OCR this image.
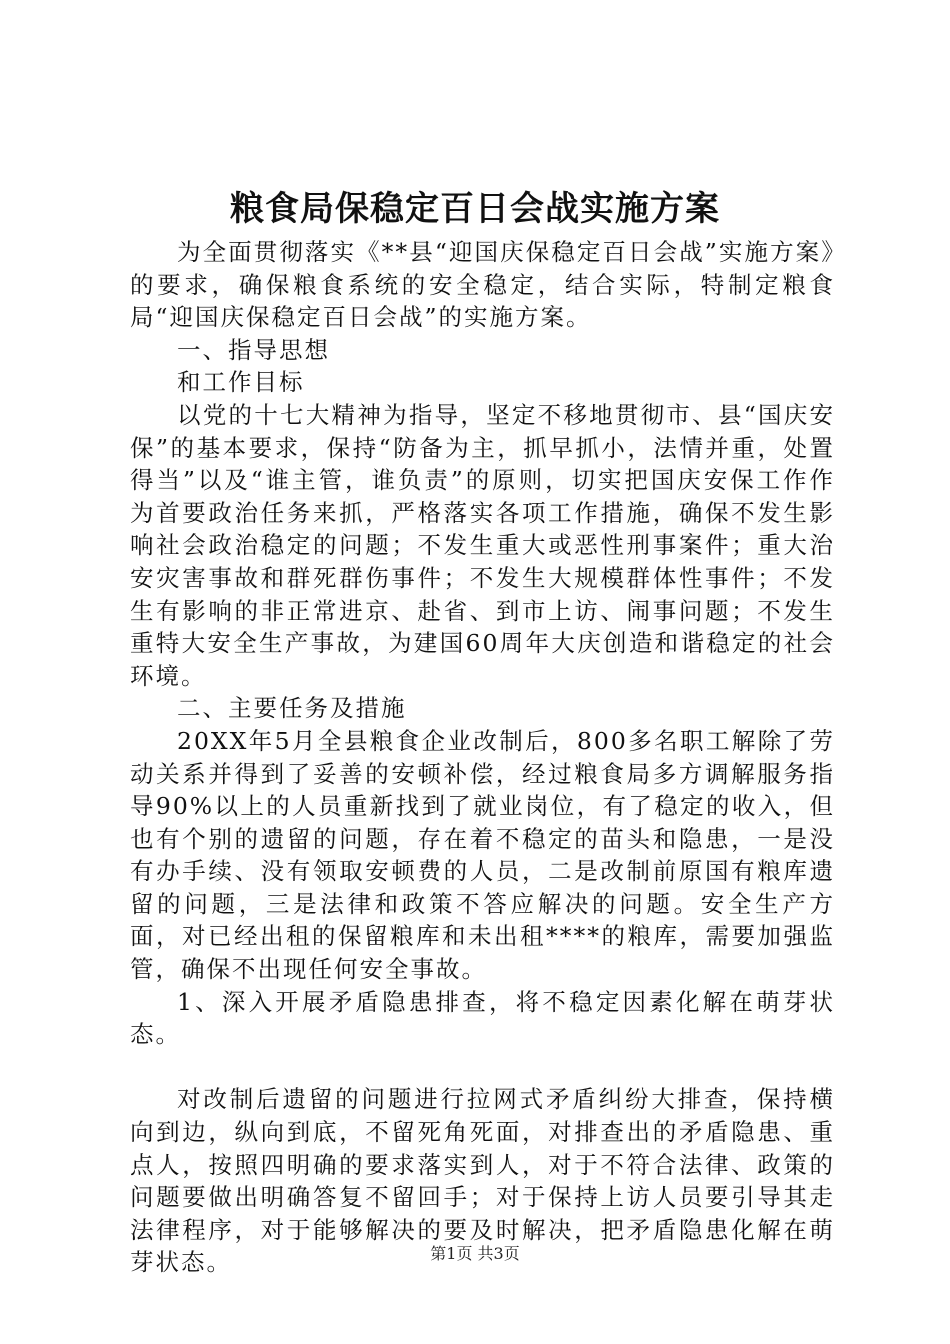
粮食局保稳定百日会战实施方案

为全面贯彻落实《**县“迎国庆保稳定百日会战”实施方案》的要求，确保粮食系统的安全稳定，结合实际，特制定粮食局“迎国庆保稳定百日会战”的实施方案。

一、指导思想

和工作目标

以党的十七大精神为指导，坚定不移地贯彻市、县“国庆安保”的基本要求，保持“防备为主，抓早抓小，法情并重，处置得当”以及“谁主管，谁负责”的原则，切实把国庆安保工作作为首要政治任务来抓，严格落实各项工作措施，确保不发生影响社会政治稳定的问题；不发生重大或恶性刑事案件；重大治安灾害事故和群死群伤事件；不发生大规模群体性事件；不发生有影响的非正常进京、赴省、到市上访、闹事问题；不发生重特大安全生产事故，为建国60周年大庆创造和谐稳定的社会环境。

二、主要任务及措施

20XX年5月全县粮食企业改制后，800多名职工解除了劳动关系并得到了妥善的安顿补偿，经过粮食局多方调解服务指导90%以上的人员重新找到了就业岗位，有了稳定的收入，但也有个别的遗留的问题，存在着不稳定的苗头和隐患，一是没有办手续、没有领取安顿费的人员，二是改制前原国有粮库遗留的问题，三是法律和政策不答应解决的问题。安全生产方面，对已经出租的保留粮库和未出租****的粮库，需要加强监管，确保不出现任何安全事故。

1、深入开展矛盾隐患排查，将不稳定因素化解在萌芽状态。

对改制后遗留的问题进行拉网式矛盾纠纷大排查，保持横向到边，纵向到底，不留死角死面，对排查出的矛盾隐患、重点人，按照四明确的要求落实到人，对于不符合法律、政策的问题要做出明确答复不留回手；对于保持上访人员要引导其走法律程序，对于能够解决的要及时解决，把矛盾隐患化解在萌芽状态。	第1页 共3页
